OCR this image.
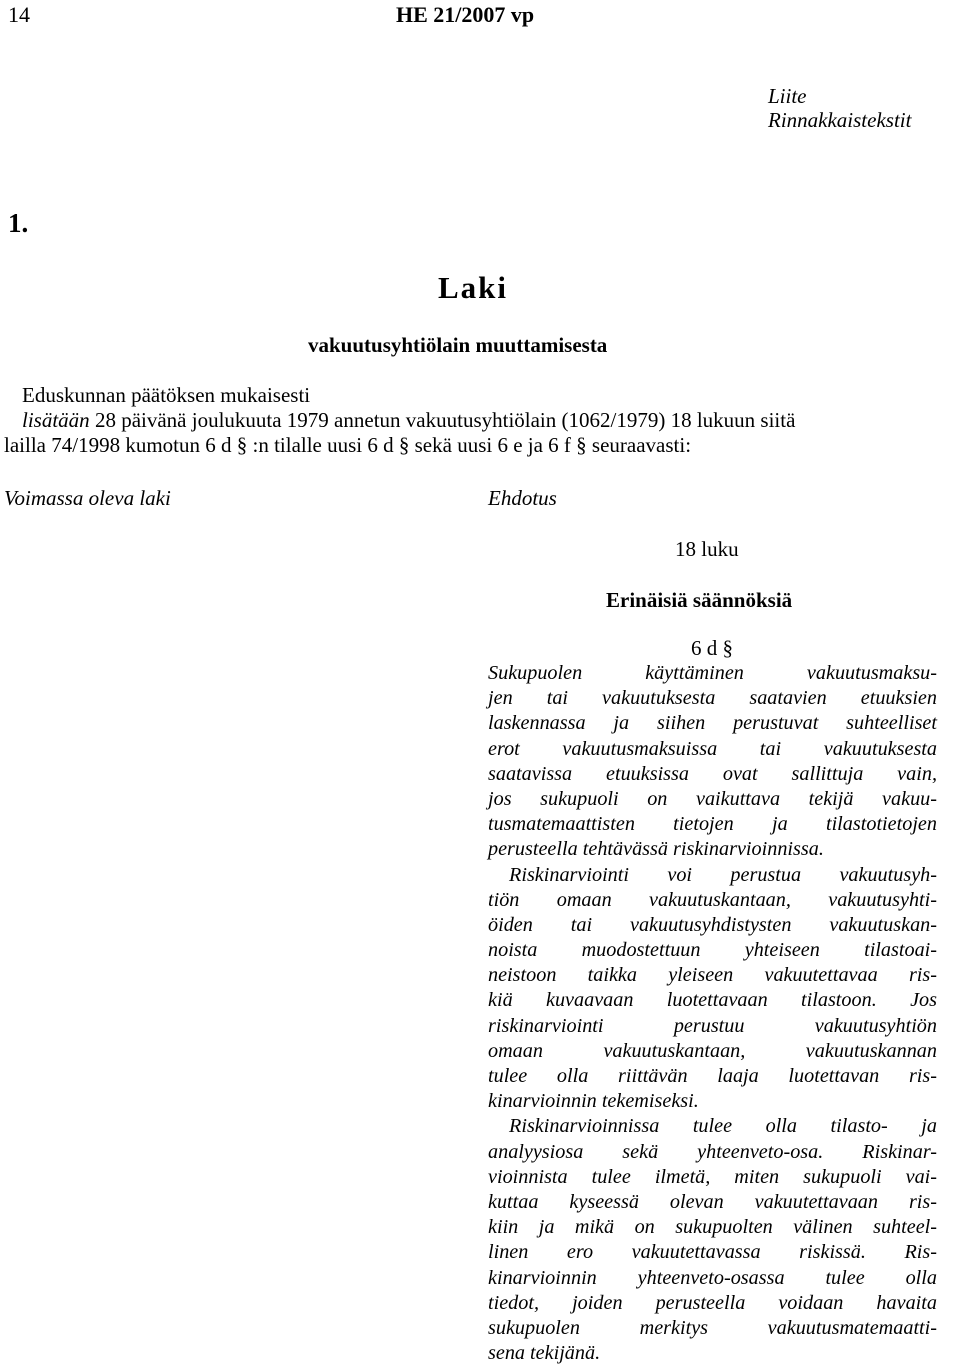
14	HE 21/2007 vp
Liite
Rinnakkaistekstit
1.
Laki
vakuutusyhtiölain muuttamisesta
Eduskunnan päätöksen mukaisesti
lisätään 28 päivänä joulukuuta 1979 annetun vakuutusyhtiölain (1062/1979) 18 lukuun siitä
lailla 74/1998 kumotun 6 d § :n tilalle uusi 6 d § sekä uusi 6 e ja 6 f § seuraavasti:
Voimassa oleva laki	Ehdotus
18 luku
Erinäisiä säännöksiä
6 d §
Sukupuolen käyttäminen vakuutusmaksu-
jen tai vakuutuksesta saatavien etuuksien
laskennassa ja siihen perustuvat suhteelliset
erot vakuutusmaksuissa tai vakuutuksesta
saatavissa etuuksissa ovat sallittuja vain,
jos sukupuoli on vaikuttava tekijä vakuu-
tusmatemaattisten tietojen ja tilastotietojen
perusteella tehtävässä riskinarvioinnissa.
Riskinarviointi voi perustua vakuutusyh-
tiön omaan vakuutuskantaan, vakuutusyhti-
öiden tai vakuutusyhdistysten vakuutuskan-
noista muodostettuun yhteiseen tilastoai-
neistoon taikka yleiseen vakuutettavaa ris-
kiä kuvaavaan luotettavaan tilastoon. Jos
riskinarviointi perustuu vakuutusyhtiön
omaan vakuutuskantaan, vakuutuskannan
tulee olla riittävän laaja luotettavan ris-
kinarvioinnin tekemiseksi.
Riskinarvioinnissa tulee olla tilasto- ja
analyysiosa sekä yhteenveto-osa. Riskinar-
vioinnista tulee ilmetä, miten sukupuoli vai-
kuttaa kyseessä olevan vakuutettavaan ris-
kiin ja mikä on sukupuolten välinen suhteel-
linen ero vakuutettavassa riskissä. Ris-
kinarvioinnin yhteenveto-osassa tulee olla
tiedot, joiden perusteella voidaan havaita
sukupuolen merkitys vakuutusmatemaatti-
sena tekijänä.
